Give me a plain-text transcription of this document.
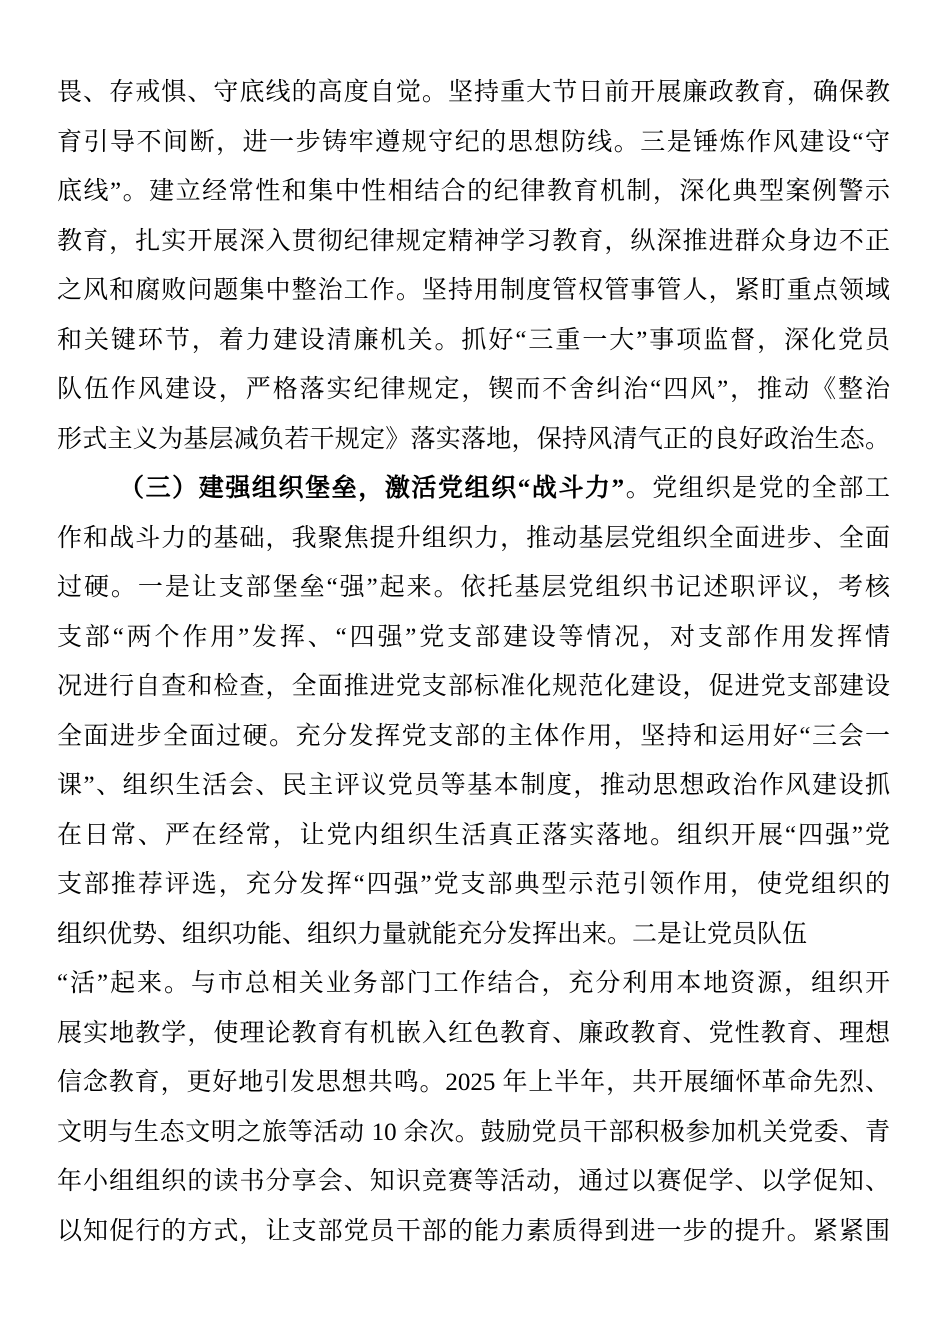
畏、存戒惧、守底线的高度自觉。坚持重大节日前开展廉政教育，确保教
育引导不间断，进一步铸牢遵规守纪的思想防线。三是锤炼作风建设“守
底线”。建立经常性和集中性相结合的纪律教育机制，深化典型案例警示
教育，扎实开展深入贯彻纪律规定精神学习教育，纵深推进群众身边不正
之风和腐败问题集中整治工作。坚持用制度管权管事管人，紧盯重点领域
和关键环节，着力建设清廉机关。抓好“三重一大”事项监督，深化党员
队伍作风建设，严格落实纪律规定，锲而不舍纠治“四风”，推动《整治
形式主义为基层减负若干规定》落实落地，保持风清气正的良好政治生态。
（三）建强组织堡垒，激活党组织“战斗力”。党组织是党的全部工
作和战斗力的基础，我聚焦提升组织力，推动基层党组织全面进步、全面
过硬。一是让支部堡垒“强”起来。依托基层党组织书记述职评议，考核
支部“两个作用”发挥、“四强”党支部建设等情况，对支部作用发挥情
况进行自查和检查，全面推进党支部标准化规范化建设，促进党支部建设
全面进步全面过硬。充分发挥党支部的主体作用，坚持和运用好“三会一
课”、组织生活会、民主评议党员等基本制度，推动思想政治作风建设抓
在日常、严在经常，让党内组织生活真正落实落地。组织开展“四强”党
支部推荐评选，充分发挥“四强”党支部典型示范引领作用，使党组织的
组织优势、组织功能、组织力量就能充分发挥出来。二是让党员队伍
“活”起来。与市总相关业务部门工作结合，充分利用本地资源，组织开
展实地教学，使理论教育有机嵌入红色教育、廉政教育、党性教育、理想
信念教育，更好地引发思想共鸣。2025 年上半年，共开展缅怀革命先烈、
文明与生态文明之旅等活动 10 余次。鼓励党员干部积极参加机关党委、青
年小组组织的读书分享会、知识竞赛等活动，通过以赛促学、以学促知、
以知促行的方式，让支部党员干部的能力素质得到进一步的提升。紧紧围
